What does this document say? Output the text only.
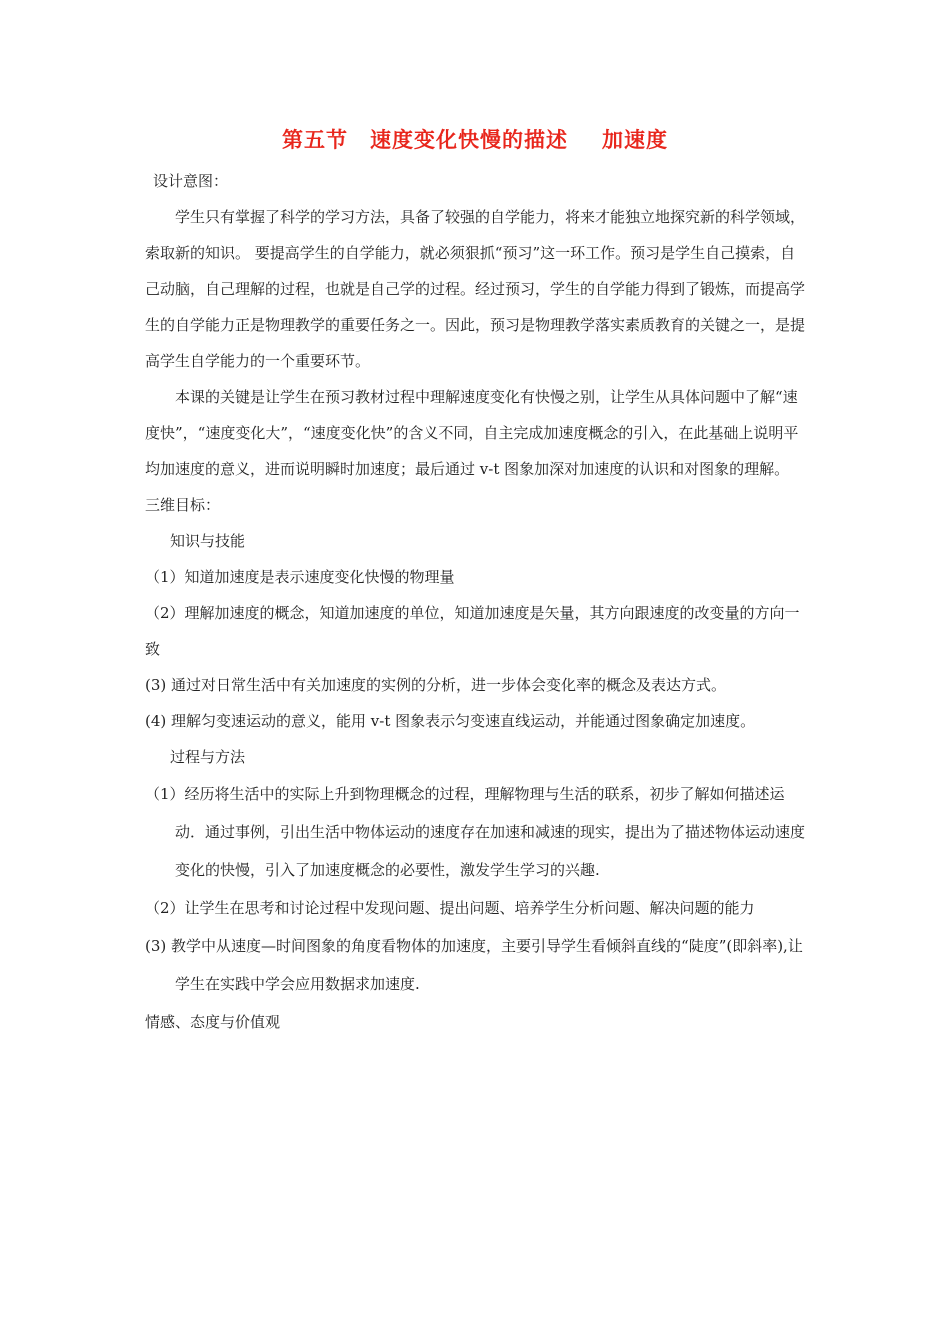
第五节 速度变化快慢的描述 加速度

设计意图：

学生只有掌握了科学的学习方法，具备了较强的自学能力，将来才能独立地探究新的科学领域，索取新的知识。 要提高学生的自学能力，就必须狠抓“预习”这一环工作。预习是学生自己摸索，自己动脑，自己理解的过程，也就是自己学的过程。经过预习，学生的自学能力得到了锻炼，而提高学生的自学能力正是物理教学的重要任务之一。因此，预习是物理教学落实素质教育的关键之一，是提高学生自学能力的一个重要环节。

本课的关键是让学生在预习教材过程中理解速度变化有快慢之别，让学生从具体问题中了解“速度快”，“速度变化大”，“速度变化快”的含义不同，自主完成加速度概念的引入，在此基础上说明平均加速度的意义，进而说明瞬时加速度；最后通过 v-t 图象加深对加速度的认识和对图象的理解。

三维目标：

知识与技能

（1）知道加速度是表示速度变化快慢的物理量

（2）理解加速度的概念，知道加速度的单位，知道加速度是矢量，其方向跟速度的改变量的方向一致

(3) 通过对日常生活中有关加速度的实例的分析，进一步体会变化率的概念及表达方式。

(4) 理解匀变速运动的意义，能用 v-t 图象表示匀变速直线运动，并能通过图象确定加速度。

过程与方法

（1）经历将生活中的实际上升到物理概念的过程，理解物理与生活的联系，初步了解如何描述运动．通过事例，引出生活中物体运动的速度存在加速和减速的现实，提出为了描述物体运动速度变化的快慢，引入了加速度概念的必要性，激发学生学习的兴趣.

（2）让学生在思考和讨论过程中发现问题、提出问题、培养学生分析问题、解决问题的能力

(3) 教学中从速度—时间图象的角度看物体的加速度，主要引导学生看倾斜直线的“陡度”(即斜率),让学生在实践中学会应用数据求加速度.

情感、态度与价值观
